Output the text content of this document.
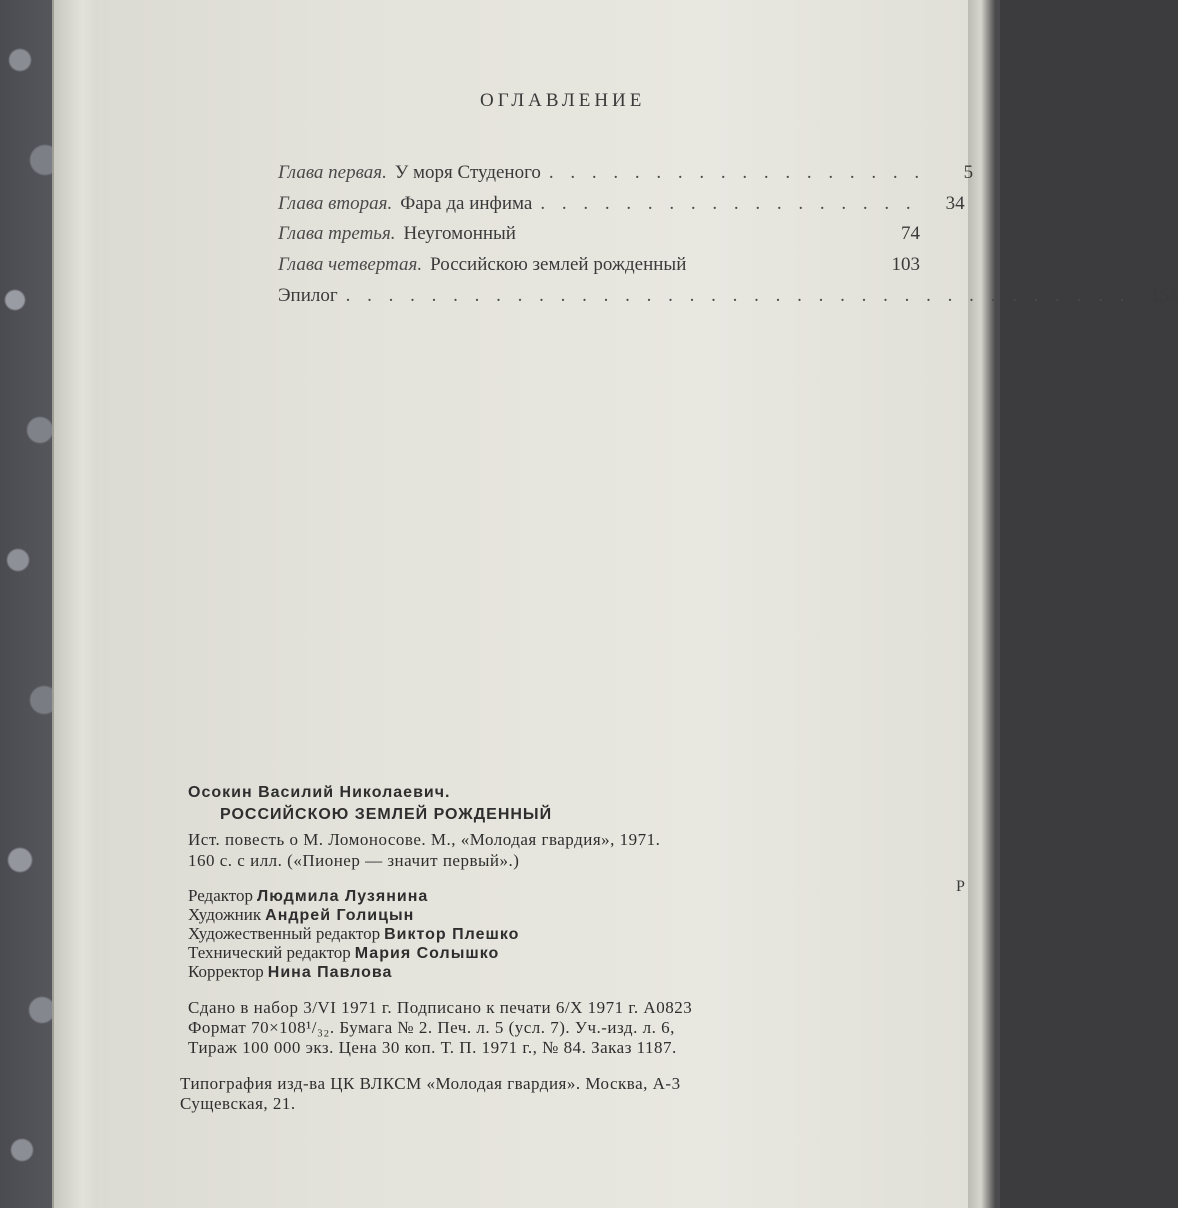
ОГЛАВЛЕНИЕ
Глава первая. У моря Студеного . . . . . . . . . . . . . . . . . .	5
Глава вторая. Фара да инфима . . . . . . . . . . . . . . . . . .	34
Глава третья. Неугомонный	74
Глава четвертая. Российскою землей рожденный	103
Эпилог . . . . . . . . . . . . . . . . . . . . . . . . . . . . . . . . . . . . .	154
Осокин Василий Николаевич.
РОССИЙСКОЮ ЗЕМЛЕЙ РОЖДЕННЫЙ
Ист. повесть о М. Ломоносове. М., «Молодая гвардия», 1971.
160 с. с илл. («Пионер — значит первый».)
Редактор Людмила Лузянина
Художник Андрей Голицын
Художественный редактор Виктор Плешко
Технический редактор Мария Солышко
Корректор Нина Павлова
Сдано в набор 3/VI 1971 г. Подписано к печати 6/Х 1971 г. А0823
Формат 70×108¹/₃₂. Бумага № 2. Печ. л. 5 (усл. 7). Уч.-изд. л. 6,
Тираж 100 000 экз. Цена 30 коп. Т. П. 1971 г., № 84. Заказ 1187.
Типография изд-ва ЦК ВЛКСМ «Молодая гвардия». Москва, А-3
Сущевская, 21.
Р
